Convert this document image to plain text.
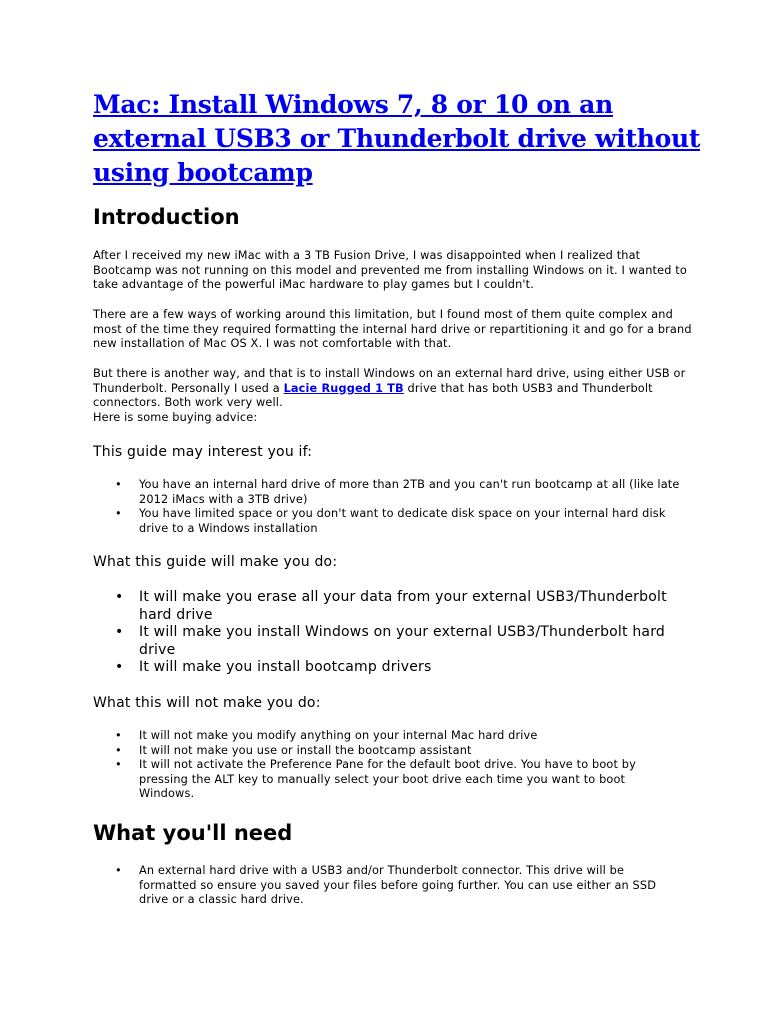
Mac: Install Windows 7, 8 or 10 on an external USB3 or Thunderbolt drive without using bootcamp
Introduction

After I received my new iMac with a 3 TB Fusion Drive, I was disappointed when I realized that Bootcamp was not running on this model and prevented me from installing Windows on it. I wanted to take advantage of the powerful iMac hardware to play games but I couldn't.

There are a few ways of working around this limitation, but I found most of them quite complex and most of the time they required formatting the internal hard drive or repartitioning it and go for a brand new installation of Mac OS X. I was not comfortable with that.

But there is another way, and that is to install Windows on an external hard drive, using either USB or Thunderbolt. Personally I used a Lacie Rugged 1 TB drive that has both USB3 and Thunderbolt connectors. Both work very well.

Here is some buying advice:

This guide may interest you if:
• You have an internal hard drive of more than 2TB and you can't run bootcamp at all (like late 2012 iMacs with a 3TB drive)
• You have limited space or you don't want to dedicate disk space on your internal hard disk drive to a Windows installation
What this guide will make you do:
• It will make you erase all your data from your external USB3/Thunderbolt hard drive
• It will make you install Windows on your external USB3/Thunderbolt hard drive
• It will make you install bootcamp drivers
What this will not make you do:
• It will not make you modify anything on your internal Mac hard drive
• It will not make you use or install the bootcamp assistant
• It will not activate the Preference Pane for the default boot drive. You have to boot by pressing the ALT key to manually select your boot drive each time you want to boot Windows.
What you'll need
• An external hard drive with a USB3 and/or Thunderbolt connector. This drive will be formatted so ensure you saved your files before going further. You can use either an SSD drive or a classic hard drive.
